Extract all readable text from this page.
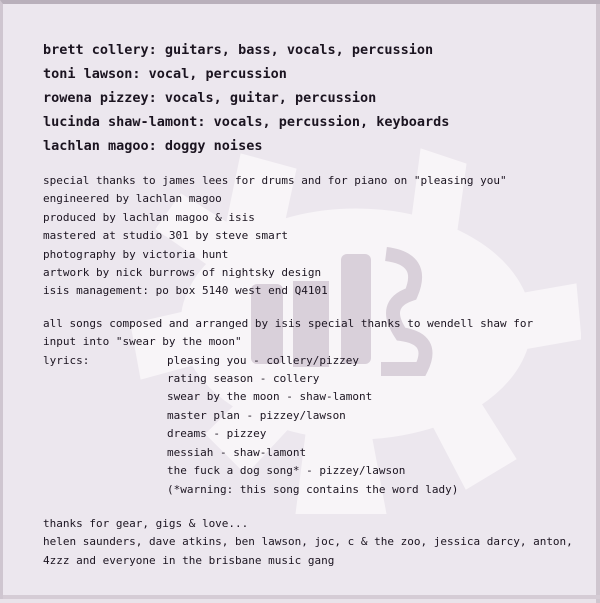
brett collery: guitars, bass, vocals, percussion
toni lawson: vocal, percussion
rowena pizzey: vocals, guitar, percussion
lucinda shaw-lamont: vocals, percussion, keyboards
lachlan magoo: doggy noises
special thanks to james lees for drums and for piano on "pleasing you"
engineered by lachlan magoo
produced by lachlan magoo & isis
mastered at studio 301 by steve smart
photography by victoria hunt
artwork by nick burrows of nightsky design
isis management: po box 5140 west end Q4101
all songs composed and arranged by isis special thanks to wendell shaw for
input into "swear by the moon"
lyrics:	pleasing you - collery/pizzey
rating season - collery
swear by the moon - shaw-lamont
master plan - pizzey/lawson
dreams - pizzey
messiah - shaw-lamont
the fuck a dog song* - pizzey/lawson
(*warning: this song contains the word lady)
thanks for gear, gigs & love...
helen saunders, dave atkins, ben lawson, joc, c & the zoo, jessica darcy, anton,
4zzz and everyone in the brisbane music gang
